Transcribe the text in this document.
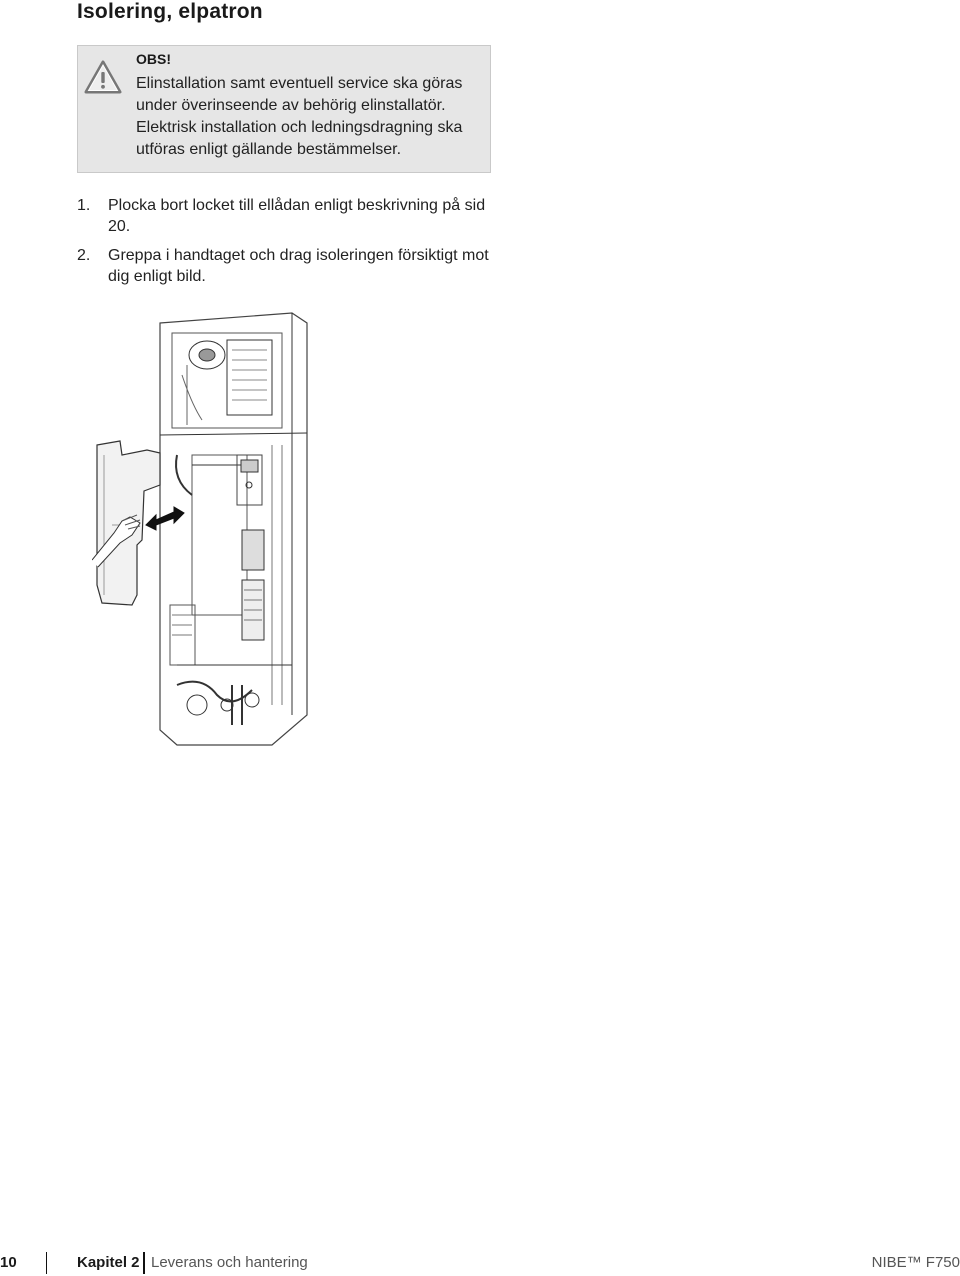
Isolering, elpatron
OBS!
Elinstallation samt eventuell service ska göras under överinseende av behörig elinstallatör. Elektrisk installation och ledningsdragning ska utföras enligt gällande bestämmelser.
1. Plocka bort locket till ellådan enligt beskrivning på sid 20.
2. Greppa i handtaget och drag isoleringen försiktigt mot dig enligt bild.
10	Kapitel 2 Leverans och hantering	NIBE™ F750
